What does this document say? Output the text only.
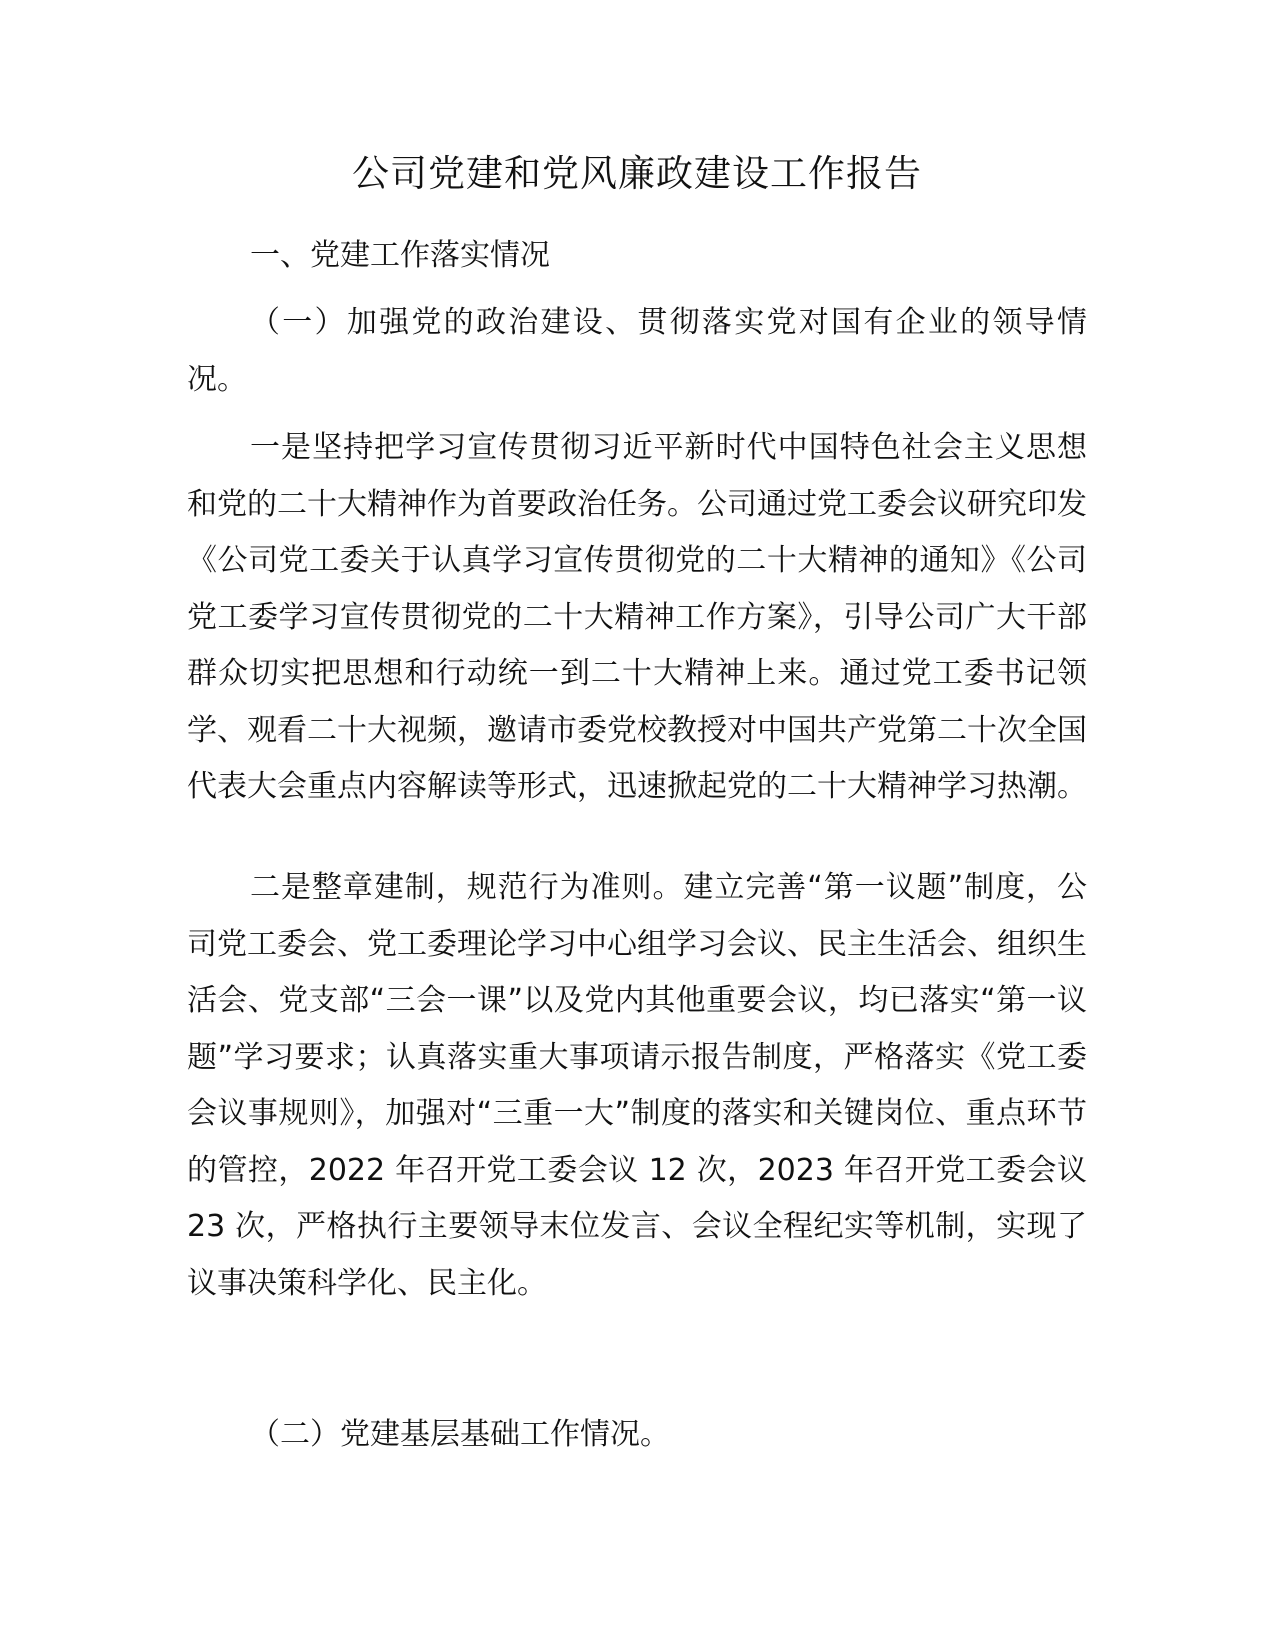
公司党建和党风廉政建设工作报告

一、党建工作落实情况

（一）加强党的政治建设、贯彻落实党对国有企业的领导情况。

一是坚持把学习宣传贯彻习近平新时代中国特色社会主义思想和党的二十大精神作为首要政治任务。公司通过党工委会议研究印发《公司党工委关于认真学习宣传贯彻党的二十大精神的通知》《公司党工委学习宣传贯彻党的二十大精神工作方案》，引导公司广大干部群众切实把思想和行动统一到二十大精神上来。通过党工委书记领学、观看二十大视频，邀请市委党校教授对中国共产党第二十次全国代表大会重点内容解读等形式，迅速掀起党的二十大精神学习热潮。

二是整章建制，规范行为准则。建立完善“第一议题”制度，公司党工委会、党工委理论学习中心组学习会议、民主生活会、组织生活会、党支部“三会一课”以及党内其他重要会议，均已落实“第一议题”学习要求；认真落实重大事项请示报告制度，严格落实《党工委会议事规则》，加强对“三重一大”制度的落实和关键岗位、重点环节的管控，2022 年召开党工委会议 12 次，2023 年召开党工委会议 23 次，严格执行主要领导末位发言、会议全程纪实等机制，实现了议事决策科学化、民主化。

（二）党建基层基础工作情况。
